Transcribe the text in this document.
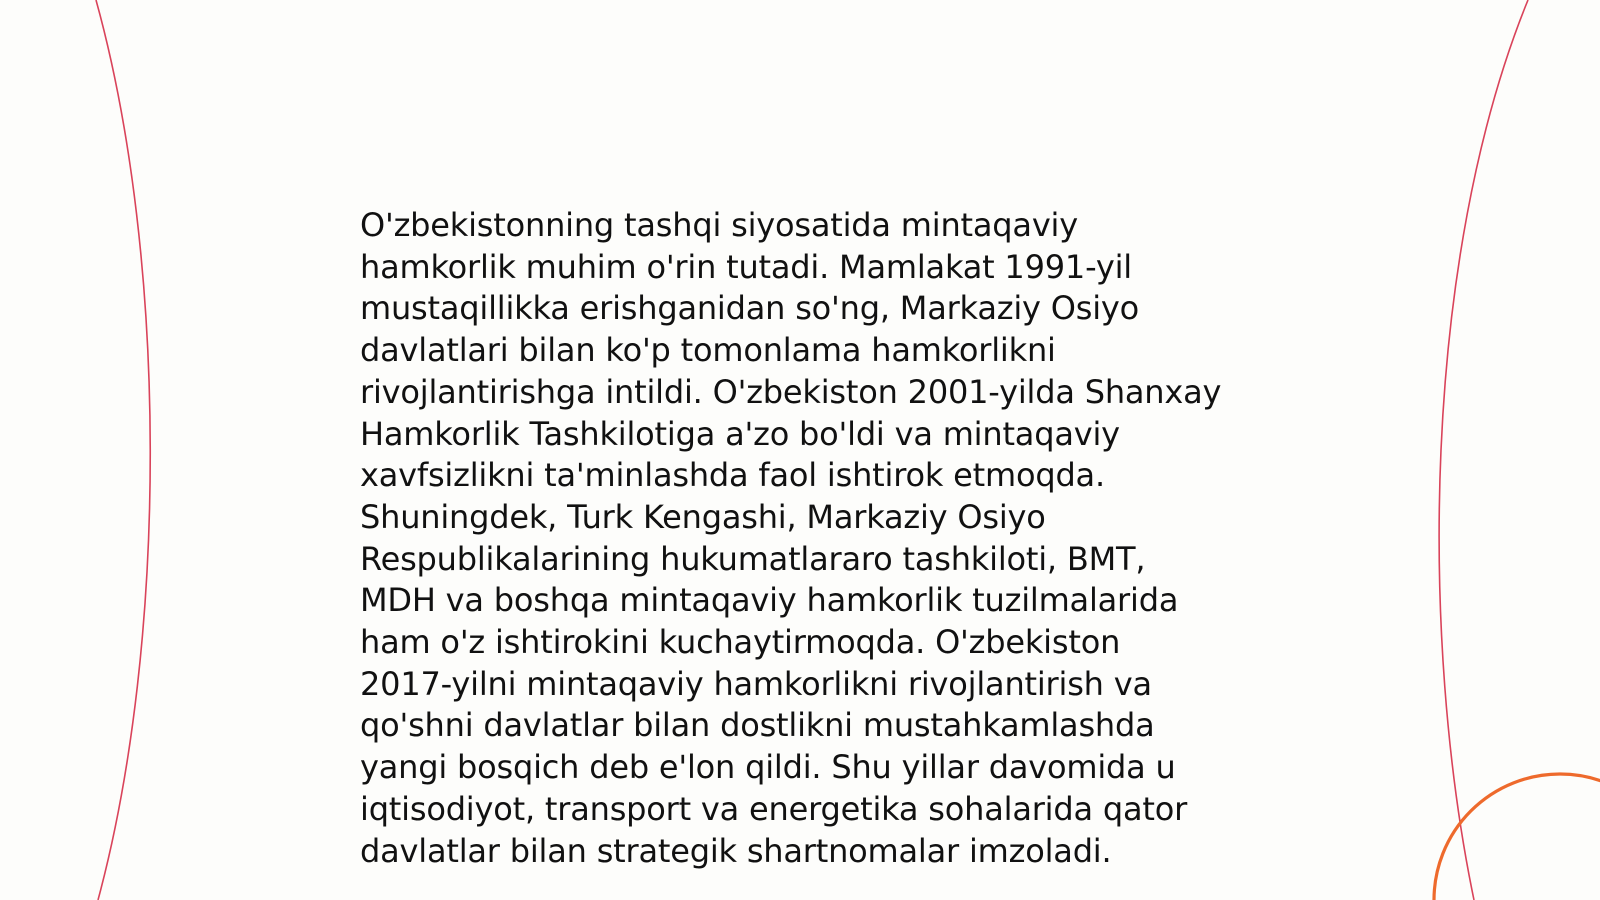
O'zbekistonning tashqi siyosatida mintaqaviy
hamkorlik muhim o'rin tutadi. Mamlakat 1991-yil
mustaqillikka erishganidan so'ng, Markaziy Osiyo
davlatlari bilan ko'p tomonlama hamkorlikni
rivojlantirishga intildi. O'zbekiston 2001-yilda Shanxay
Hamkorlik Tashkilotiga a'zo bo'ldi va mintaqaviy
xavfsizlikni ta'minlashda faol ishtirok etmoqda.
Shuningdek, Turk Kengashi, Markaziy Osiyo
Respublikalarining hukumatlararo tashkiloti, BMT,
MDH va boshqa mintaqaviy hamkorlik tuzilmalarida
ham o'z ishtirokini kuchaytirmoqda. O'zbekiston
2017-yilni mintaqaviy hamkorlikni rivojlantirish va
qo'shni davlatlar bilan dostlikni mustahkamlashda
yangi bosqich deb e'lon qildi. Shu yillar davomida u
iqtisodiyot, transport va energetika sohalarida qator
davlatlar bilan strategik shartnomalar imzoladi.
